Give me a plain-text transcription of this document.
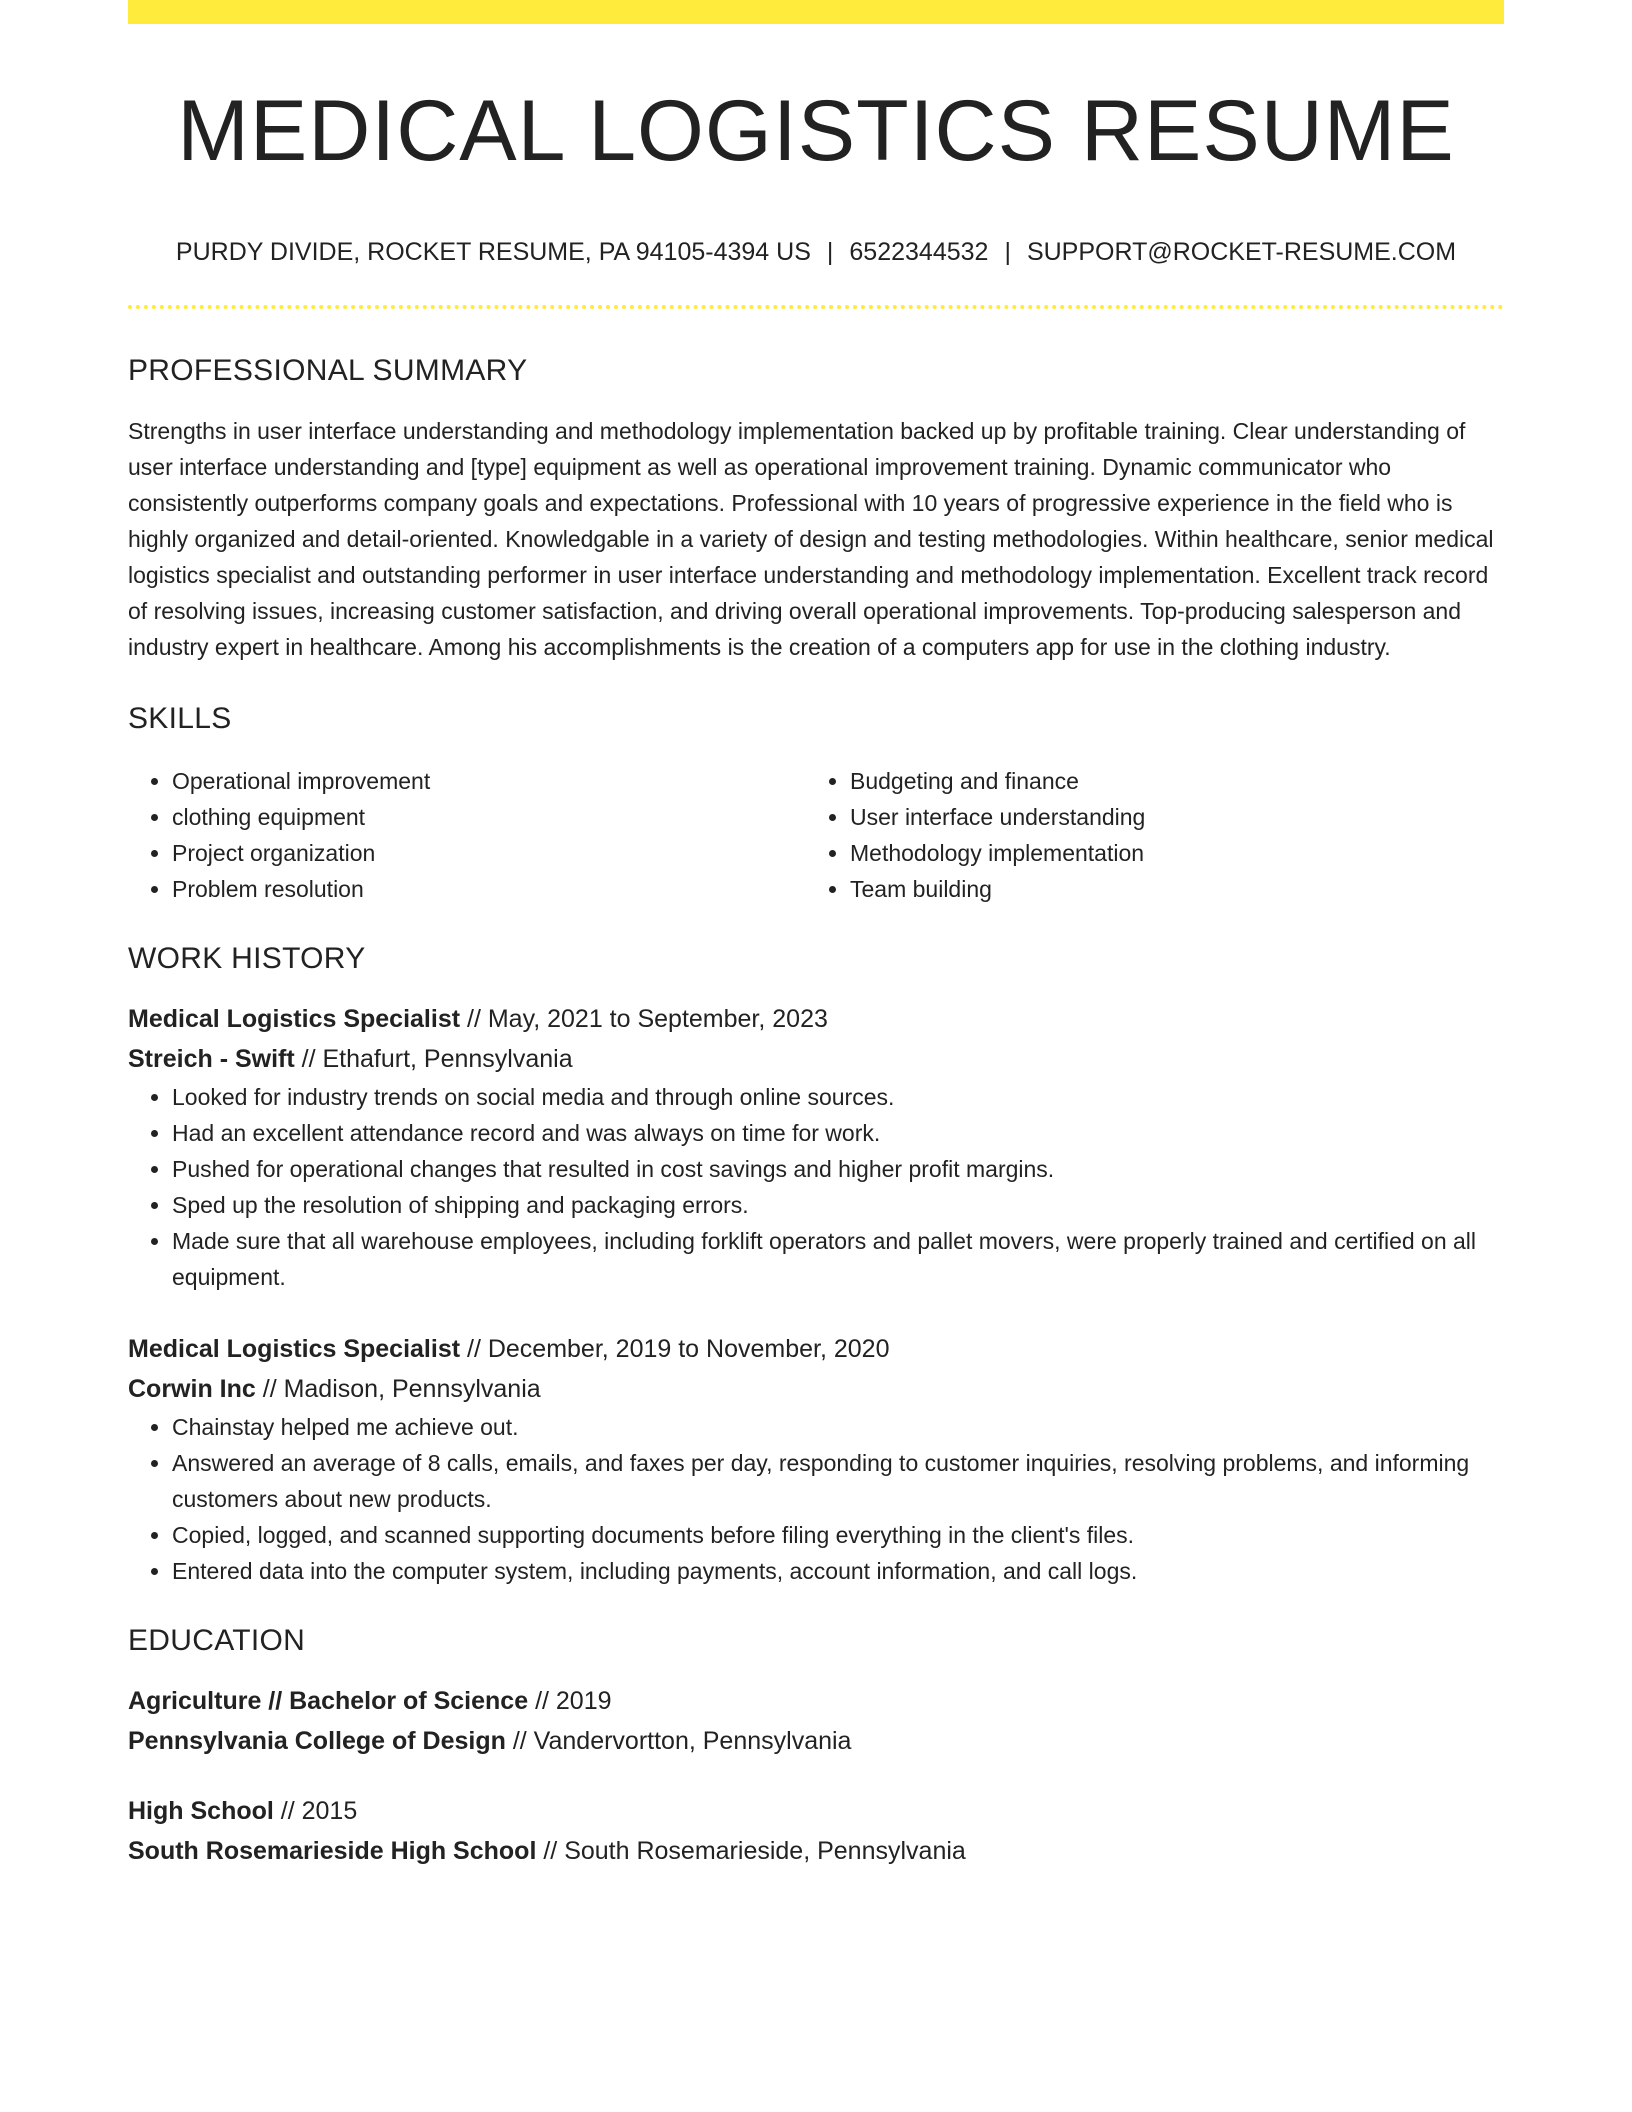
MEDICAL LOGISTICS RESUME
PURDY DIVIDE, ROCKET RESUME, PA 94105-4394 US | 6522344532 | SUPPORT@ROCKET-RESUME.COM
PROFESSIONAL SUMMARY

Strengths in user interface understanding and methodology implementation backed up by profitable training. Clear understanding of user interface understanding and [type] equipment as well as operational improvement training. Dynamic communicator who consistently outperforms company goals and expectations. Professional with 10 years of progressive experience in the field who is highly organized and detail-oriented. Knowledgable in a variety of design and testing methodologies. Within healthcare, senior medical logistics specialist and outstanding performer in user interface understanding and methodology implementation. Excellent track record of resolving issues, increasing customer satisfaction, and driving overall operational improvements. Top-producing salesperson and industry expert in healthcare. Among his accomplishments is the creation of a computers app for use in the clothing industry.

SKILLS
• Operational improvement
• clothing equipment
• Project organization
• Problem resolution
• Budgeting and finance
• User interface understanding
• Methodology implementation
• Team building
WORK HISTORY
Medical Logistics Specialist // May, 2021 to September, 2023
Streich - Swift // Ethafurt, Pennsylvania
• Looked for industry trends on social media and through online sources.
• Had an excellent attendance record and was always on time for work.
• Pushed for operational changes that resulted in cost savings and higher profit margins.
• Sped up the resolution of shipping and packaging errors.
• Made sure that all warehouse employees, including forklift operators and pallet movers, were properly trained and certified on all equipment.
Medical Logistics Specialist // December, 2019 to November, 2020
Corwin Inc // Madison, Pennsylvania
• Chainstay helped me achieve out.
• Answered an average of 8 calls, emails, and faxes per day, responding to customer inquiries, resolving problems, and informing customers about new products.
• Copied, logged, and scanned supporting documents before filing everything in the client's files.
• Entered data into the computer system, including payments, account information, and call logs.
EDUCATION
Agriculture // Bachelor of Science // 2019
Pennsylvania College of Design // Vandervortton, Pennsylvania
High School // 2015
South Rosemarieside High School // South Rosemarieside, Pennsylvania
